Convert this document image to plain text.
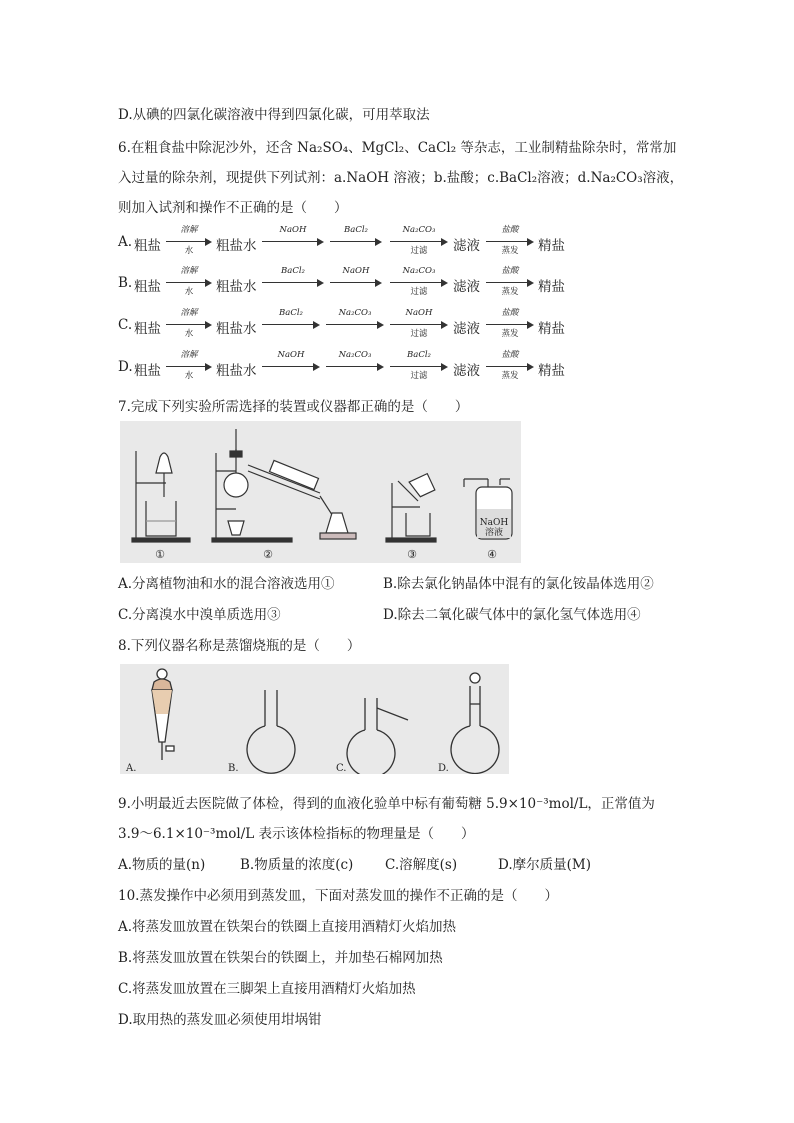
D.从碘的四氯化碳溶液中得到四氯化碳，可用萃取法
6.在粗食盐中除泥沙外，还含 Na₂SO₄、MgCl₂、CaCl₂ 等杂志，工业制精盐除杂时，常常加
入过量的除杂剂，现提供下列试剂：a.NaOH 溶液；b.盐酸；c.BaCl₂溶液；d.Na₂CO₃溶液，
则加入试剂和操作不正确的是（　　）
A. 粗盐
溶解
水	粗盐水
NaOH	BaCl₂	Na₂CO₃
过滤	滤液
盐酸
蒸发	精盐
B. 粗盐
溶解
水	粗盐水
BaCl₂	NaOH	Na₂CO₃
过滤	滤液
盐酸
蒸发	精盐
C. 粗盐
溶解
水	粗盐水
BaCl₂	Na₂CO₃	NaOH
过滤	滤液
盐酸
蒸发	精盐
D. 粗盐
溶解
水	粗盐水
NaOH	Na₂CO₃	BaCl₂
过滤	滤液
盐酸
蒸发	精盐
7.完成下列实验所需选择的装置或仪器都正确的是（　　）
①	②	③	④
NaOH
溶液
A.分离植物油和水的混合溶液选用①	B.除去氯化钠晶体中混有的氯化铵晶体选用②
C.分离溴水中溴单质选用③	D.除去二氧化碳气体中的氯化氢气体选用④
8.下列仪器名称是蒸馏烧瓶的是（　　）
A.	B.	C.	D.
9.小明最近去医院做了体检，得到的血液化验单中标有葡萄糖 5.9×10⁻³mol/L，正常值为
3.9～6.1×10⁻³mol/L 表示该体检指标的物理量是（　　）
A.物质的量(n)	B.物质量的浓度(c) C.溶解度(s)	D.摩尔质量(M)
10.蒸发操作中必须用到蒸发皿，下面对蒸发皿的操作不正确的是（　　）
A.将蒸发皿放置在铁架台的铁圈上直接用酒精灯火焰加热
B.将蒸发皿放置在铁架台的铁圈上，并加垫石棉网加热
C.将蒸发皿放置在三脚架上直接用酒精灯火焰加热
D.取用热的蒸发皿必须使用坩埚钳
